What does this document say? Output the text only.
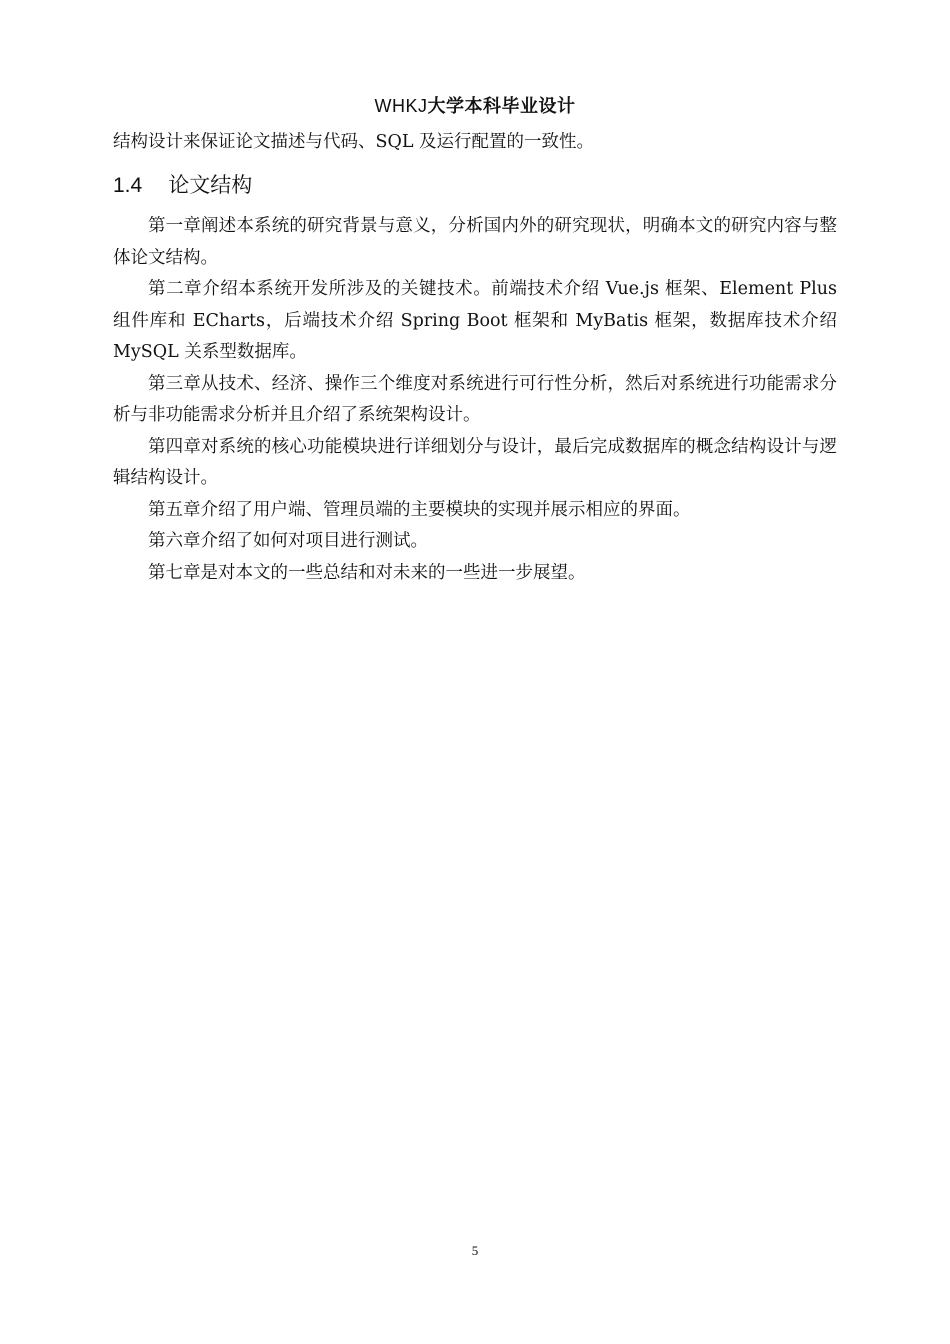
WHKJ大学本科毕业设计
结构设计来保证论文描述与代码、SQL 及运行配置的一致性。
1.4 论文结构

第一章阐述本系统的研究背景与意义，分析国内外的研究现状，明确本文的研究内容与整体论文结构。

第二章介绍本系统开发所涉及的关键技术。前端技术介绍 Vue.js 框架、Element Plus 组件库和 ECharts，后端技术介绍 Spring Boot 框架和 MyBatis 框架，数据库技术介绍 MySQL 关系型数据库。

第三章从技术、经济、操作三个维度对系统进行可行性分析，然后对系统进行功能需求分析与非功能需求分析并且介绍了系统架构设计。

第四章对系统的核心功能模块进行详细划分与设计，最后完成数据库的概念结构设计与逻辑结构设计。

第五章介绍了用户端、管理员端的主要模块的实现并展示相应的界面。

第六章介绍了如何对项目进行测试。

第七章是对本文的一些总结和对未来的一些进一步展望。

5
